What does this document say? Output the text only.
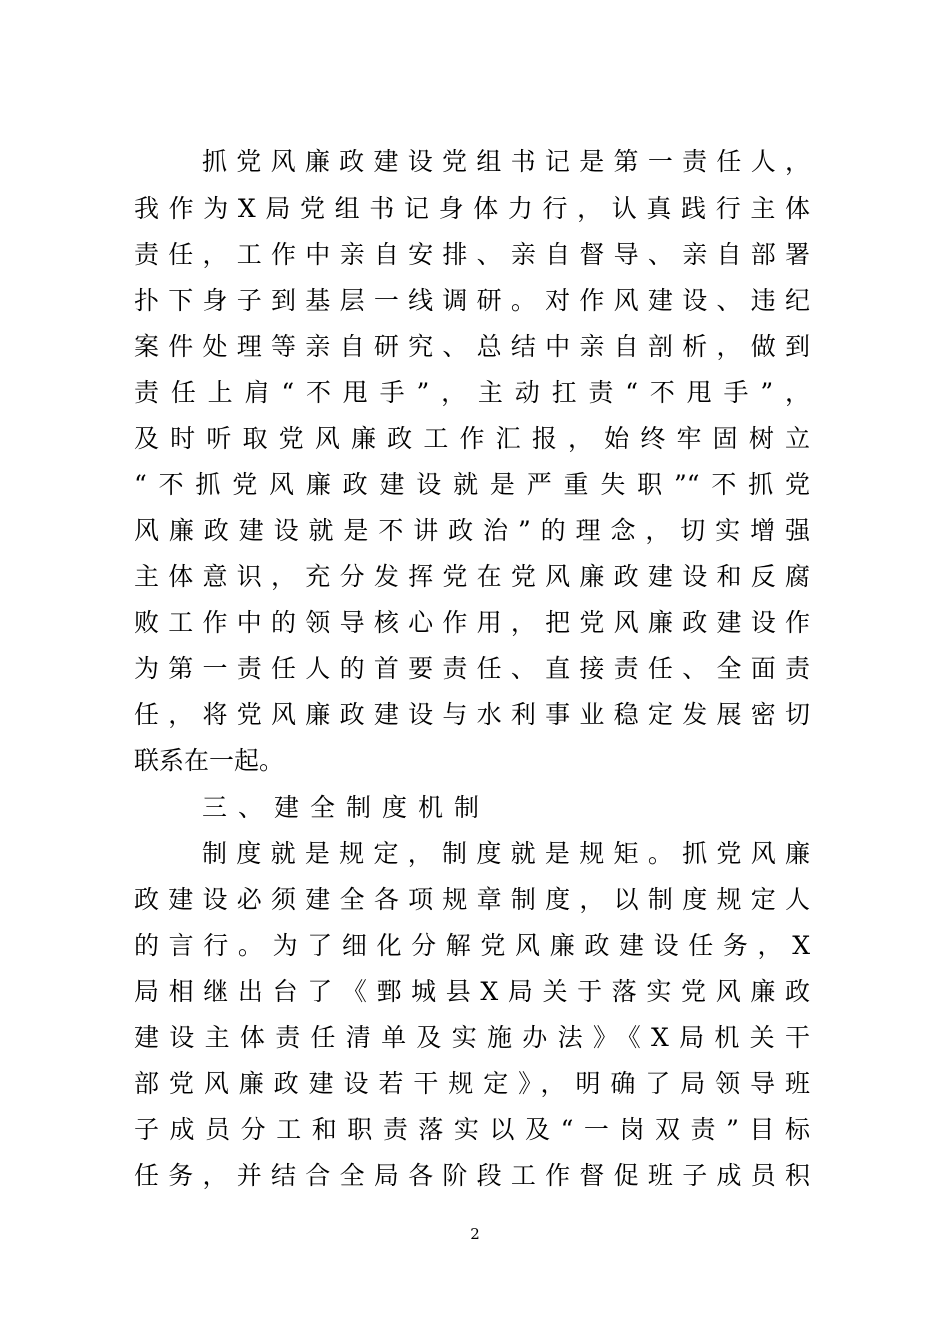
抓党风廉政建设党组书记是第一责任人，
我作为X局党组书记身体力行，认真践行主体
责任，工作中亲自安排、亲自督导、亲自部署
扑下身子到基层一线调研。对作风建设、违纪
案件处理等亲自研究、总结中亲自剖析，做到
责任上肩“不甩手”，主动扛责“不甩手”，
及时听取党风廉政工作汇报，始终牢固树立
“不抓党风廉政建设就是严重失职”“不抓党
风廉政建设就是不讲政治”的理念，切实增强
主体意识，充分发挥党在党风廉政建设和反腐
败工作中的领导核心作用，把党风廉政建设作
为第一责任人的首要责任、直接责任、全面责
任，将党风廉政建设与水利事业稳定发展密切
联系在一起。
三、建全制度机制
制度就是规定，制度就是规矩。抓党风廉
政建设必须建全各项规章制度，以制度规定人
的言行。为了细化分解党风廉政建设任务，X
局相继出台了《鄄城县X局关于落实党风廉政
建设主体责任清单及实施办法》《X局机关干
部党风廉政建设若干规定》，明确了局领导班
子成员分工和职责落实以及“一岗双责”目标
任务，并结合全局各阶段工作督促班子成员积
2
